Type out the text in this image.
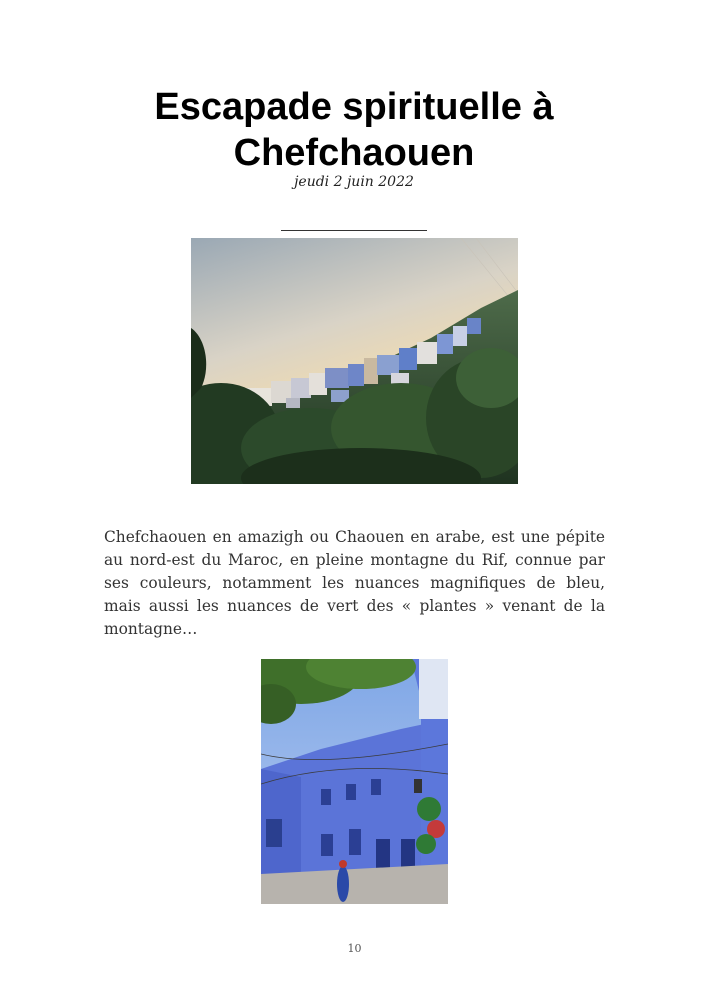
Escapade spirituelle à Chefchaouen
jeudi 2 juin 2022

Chefchaouen en amazigh ou Chaouen en arabe, est une pépite au nord-est du Maroc, en pleine montagne du Rif, connue par ses couleurs, notamment les nuances magnifiques de bleu, mais aussi les nuances de vert des « plantes » venant de la montagne…

10
